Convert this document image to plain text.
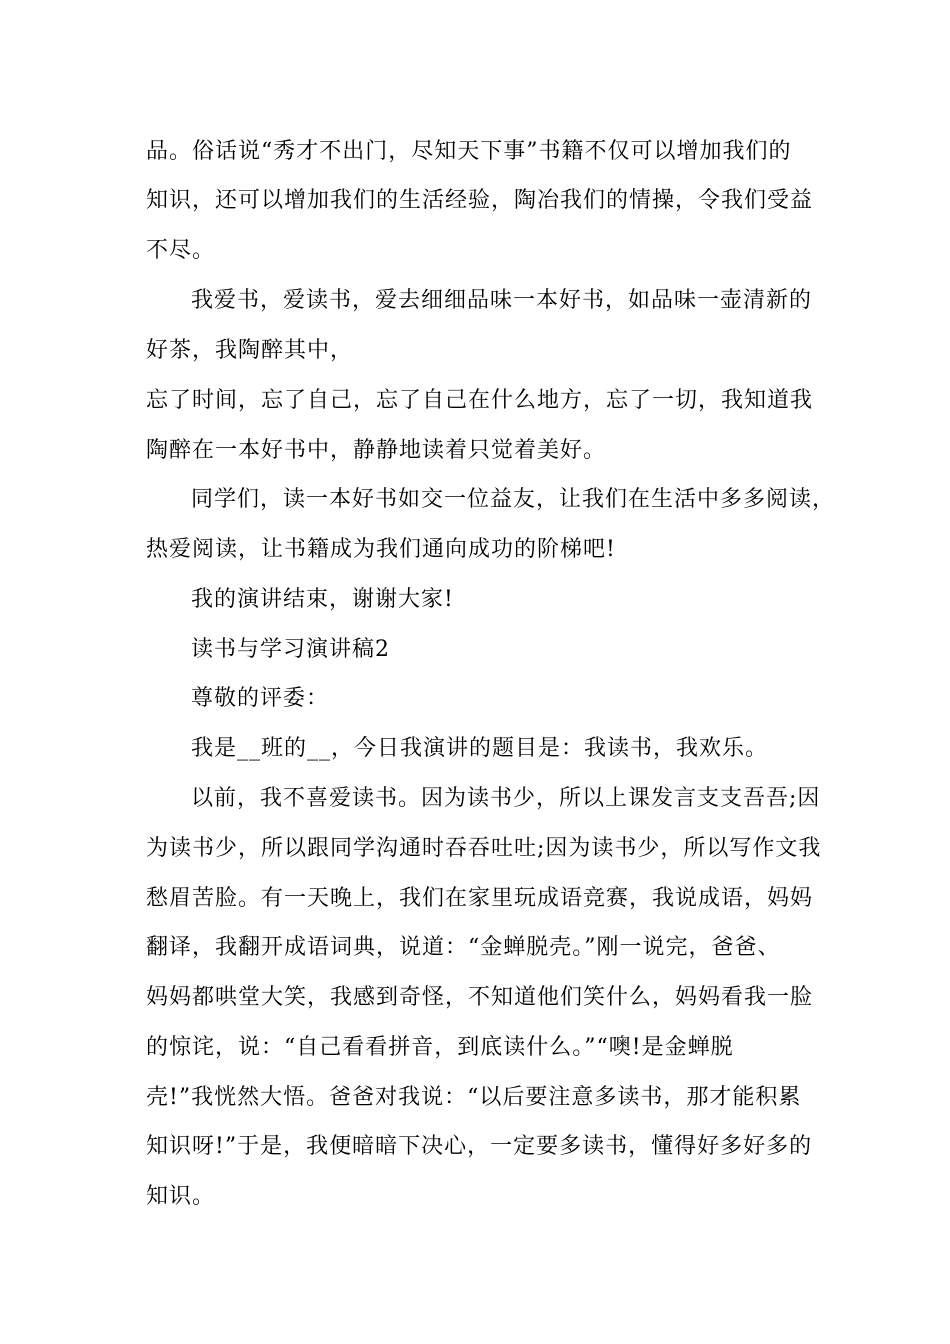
品。俗话说“秀才不出门，尽知天下事”书籍不仅可以增加我们的
知识，还可以增加我们的生活经验，陶冶我们的情操，令我们受益
不尽。
我爱书，爱读书，爱去细细品味一本好书，如品味一壶清新的
好茶，我陶醉其中，
忘了时间，忘了自己，忘了自己在什么地方，忘了一切，我知道我
陶醉在一本好书中，静静地读着只觉着美好。
同学们，读一本好书如交一位益友，让我们在生活中多多阅读，
热爱阅读，让书籍成为我们通向成功的阶梯吧!
我的演讲结束，谢谢大家!
读书与学习演讲稿2
尊敬的评委：
我是__班的__，今日我演讲的题目是：我读书，我欢乐。
以前，我不喜爱读书。因为读书少，所以上课发言支支吾吾;因
为读书少，所以跟同学沟通时吞吞吐吐;因为读书少，所以写作文我
愁眉苦脸。有一天晚上，我们在家里玩成语竞赛，我说成语，妈妈
翻译，我翻开成语词典，说道：“金蝉脱壳。”刚一说完，爸爸、
妈妈都哄堂大笑，我感到奇怪，不知道他们笑什么，妈妈看我一脸
的惊诧，说：“自己看看拼音，到底读什么。”“噢!是金蝉脱
壳!”我恍然大悟。爸爸对我说：“以后要注意多读书，那才能积累
知识呀!”于是，我便暗暗下决心，一定要多读书，懂得好多好多的
知识。
